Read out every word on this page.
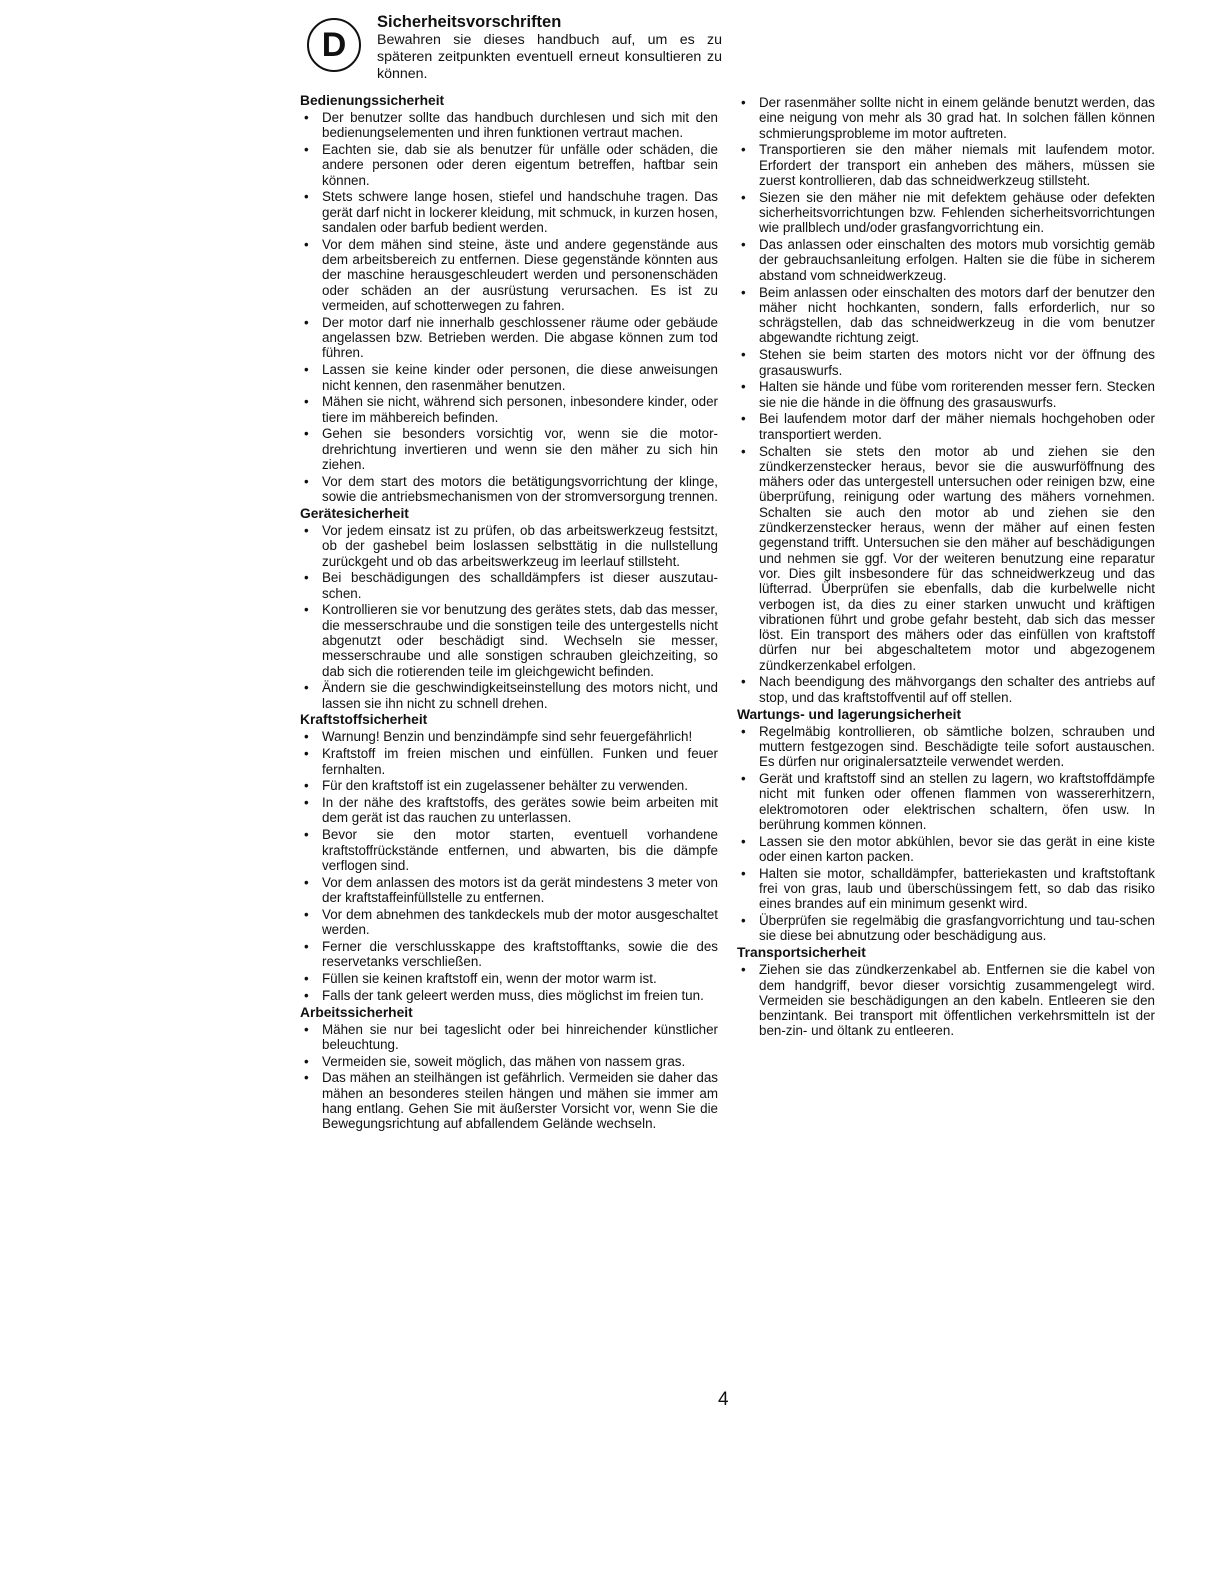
D
Sicherheitsvorschriften

Bewahren sie dieses handbuch auf, um es zu späteren zeitpunkten eventuell erneut konsultieren zu können.

Bedienungssicherheit
• Der benutzer sollte das handbuch durchlesen und sich mit den bedienungselementen und ihren funktionen vertraut machen.
• Eachten sie, dab sie als benutzer für unfälle oder schäden, die andere personen oder deren eigentum betreffen, haftbar sein können.
• Stets schwere lange hosen, stiefel und handschuhe tragen. Das gerät darf nicht in lockerer kleidung, mit schmuck, in kurzen hosen, sandalen oder barfub bedient werden.
• Vor dem mähen sind steine, äste und andere gegenstände aus dem arbeitsbereich zu entfernen. Diese gegenstände könnten aus der maschine herausgeschleudert werden und personenschäden oder schäden an der ausrüstung verursachen. Es ist zu vermeiden, auf schotterwegen zu fahren.
• Der motor darf nie innerhalb geschlossener räume oder gebäude angelassen bzw. Betrieben werden. Die abgase können zum tod führen.
• Lassen sie keine kinder oder personen, die diese anweisungen nicht kennen, den rasenmäher benutzen.
• Mähen sie nicht, während sich personen, inbesondere kinder, oder tiere im mähbereich befinden.
• Gehen sie besonders vorsichtig vor, wenn sie die motor-drehrichtung invertieren und wenn sie den mäher zu sich hin ziehen.
• Vor dem start des motors die betätigungsvorrichtung der klinge, sowie die antriebsmechanismen von der stromversorgung trennen.
Gerätesicherheit
• Vor jedem einsatz ist zu prüfen, ob das arbeitswerkzeug festsitzt, ob der gashebel beim loslassen selbsttätig in die nullstellung zurückgeht und ob das arbeitswerkzeug im leerlauf stillsteht.
• Bei beschädigungen des schalldämpfers ist dieser auszutau-schen.
• Kontrollieren sie vor benutzung des gerätes stets, dab das messer, die messerschraube und die sonstigen teile des untergestells nicht abgenutzt oder beschädigt sind. Wechseln sie messer, messerschraube und alle sonstigen schrauben gleichzeiting, so dab sich die rotierenden teile im gleichgewicht befinden.
• Ändern sie die geschwindigkeitseinstellung des motors nicht, und lassen sie ihn nicht zu schnell drehen.
Kraftstoffsicherheit
• Warnung! Benzin und benzindämpfe sind sehr feuergefährlich!
• Kraftstoff im freien mischen und einfüllen. Funken und feuer fernhalten.
• Für den kraftstoff ist ein zugelassener behälter zu verwenden.
• In der nähe des kraftstoffs, des gerätes sowie beim arbeiten mit dem gerät ist das rauchen zu unterlassen.
• Bevor sie den motor starten, eventuell vorhandene kraftstoffrückstände entfernen, und abwarten, bis die dämpfe verflogen sind.
• Vor dem anlassen des motors ist da gerät mindestens 3 meter von der kraftstaffeinfüllstelle zu entfernen.
• Vor dem abnehmen des tankdeckels mub der motor ausgeschaltet werden.
• Ferner die verschlusskappe des kraftstofftanks, sowie die des reservetanks verschließen.
• Füllen sie keinen kraftstoff ein, wenn der motor warm ist.
• Falls der tank geleert werden muss, dies möglichst im freien tun.
Arbeitssicherheit
• Mähen sie nur bei tageslicht oder bei hinreichender künstlicher beleuchtung.
• Vermeiden sie, soweit möglich, das mähen von nassem gras.
• Das mähen an steilhängen ist gefährlich. Vermeiden sie daher das mähen an besonderes steilen hängen und mähen sie immer am hang entlang. Gehen Sie mit äußerster Vorsicht vor, wenn Sie die Bewegungsrichtung auf abfallendem Gelände wechseln.
• Der rasenmäher sollte nicht in einem gelände benutzt werden, das eine neigung von mehr als 30 grad hat. In solchen fällen können schmierungsprobleme im motor auftreten.
• Transportieren sie den mäher niemals mit laufendem motor. Erfordert der transport ein anheben des mähers, müssen sie zuerst kontrollieren, dab das schneidwerkzeug stillsteht.
• Siezen sie den mäher nie mit defektem gehäuse oder defekten sicherheitsvorrichtungen bzw. Fehlenden sicherheitsvorrichtungen wie prallblech und/oder grasfangvorrichtung ein.
• Das anlassen oder einschalten des motors mub vorsichtig gemäb der gebrauchsanleitung erfolgen. Halten sie die fübe in sicherem abstand vom schneidwerkzeug.
• Beim anlassen oder einschalten des motors darf der benutzer den mäher nicht hochkanten, sondern, falls erforderlich, nur so schrägstellen, dab das schneidwerkzeug in die vom benutzer abgewandte richtung zeigt.
• Stehen sie beim starten des motors nicht vor der öffnung des grasauswurfs.
• Halten sie hände und fübe vom roriterenden messer fern. Stecken sie nie die hände in die öffnung des grasauswurfs.
• Bei laufendem motor darf der mäher niemals hochgehoben oder transportiert werden.
• Schalten sie stets den motor ab und ziehen sie den zündkerzenstecker heraus, bevor sie die auswurföffnung des mähers oder das untergestell untersuchen oder reinigen bzw, eine überprüfung, reinigung oder wartung des mähers vornehmen. Schalten sie auch den motor ab und ziehen sie den zündkerzenstecker heraus, wenn der mäher auf einen festen gegenstand trifft. Untersuchen sie den mäher auf beschädigungen und nehmen sie ggf. Vor der weiteren benutzung eine reparatur vor. Dies gilt insbesondere für das schneidwerkzeug und das lüfterrad. Überprüfen sie ebenfalls, dab die kurbelwelle nicht verbogen ist, da dies zu einer starken unwucht und kräftigen vibrationen führt und grobe gefahr besteht, dab sich das messer löst. Ein transport des mähers oder das einfüllen von kraftstoff dürfen nur bei abgeschaltetem motor und abgezogenem zündkerzenkabel erfolgen.
• Nach beendigung des mähvorgangs den schalter des antriebs auf stop, und das kraftstoffventil auf off stellen.
Wartungs- und lagerungsicherheit
• Regelmäbig kontrollieren, ob sämtliche bolzen, schrauben und muttern festgezogen sind. Beschädigte teile sofort austauschen. Es dürfen nur originalersatzteile verwendet werden.
• Gerät und kraftstoff sind an stellen zu lagern, wo kraftstoffdämpfe nicht mit funken oder offenen flammen von wassererhitzern, elektromotoren oder elektrischen schaltern, öfen usw. In berührung kommen können.
• Lassen sie den motor abkühlen, bevor sie das gerät in eine kiste oder einen karton packen.
• Halten sie motor, schalldämpfer, batteriekasten und kraftstoftank frei von gras, laub und überschüssingem fett, so dab das risiko eines brandes auf ein minimum gesenkt wird.
• Überprüfen sie regelmäbig die grasfangvorrichtung und tau-schen sie diese bei abnutzung oder beschädigung aus.
Transportsicherheit
• Ziehen sie das zündkerzenkabel ab. Entfernen sie die kabel von dem handgriff, bevor dieser vorsichtig zusammengelegt wird. Vermeiden sie beschädigungen an den kabeln. Entleeren sie den benzintank. Bei transport mit öffentlichen verkehrsmitteln ist der ben-zin- und öltank zu entleeren.
4
